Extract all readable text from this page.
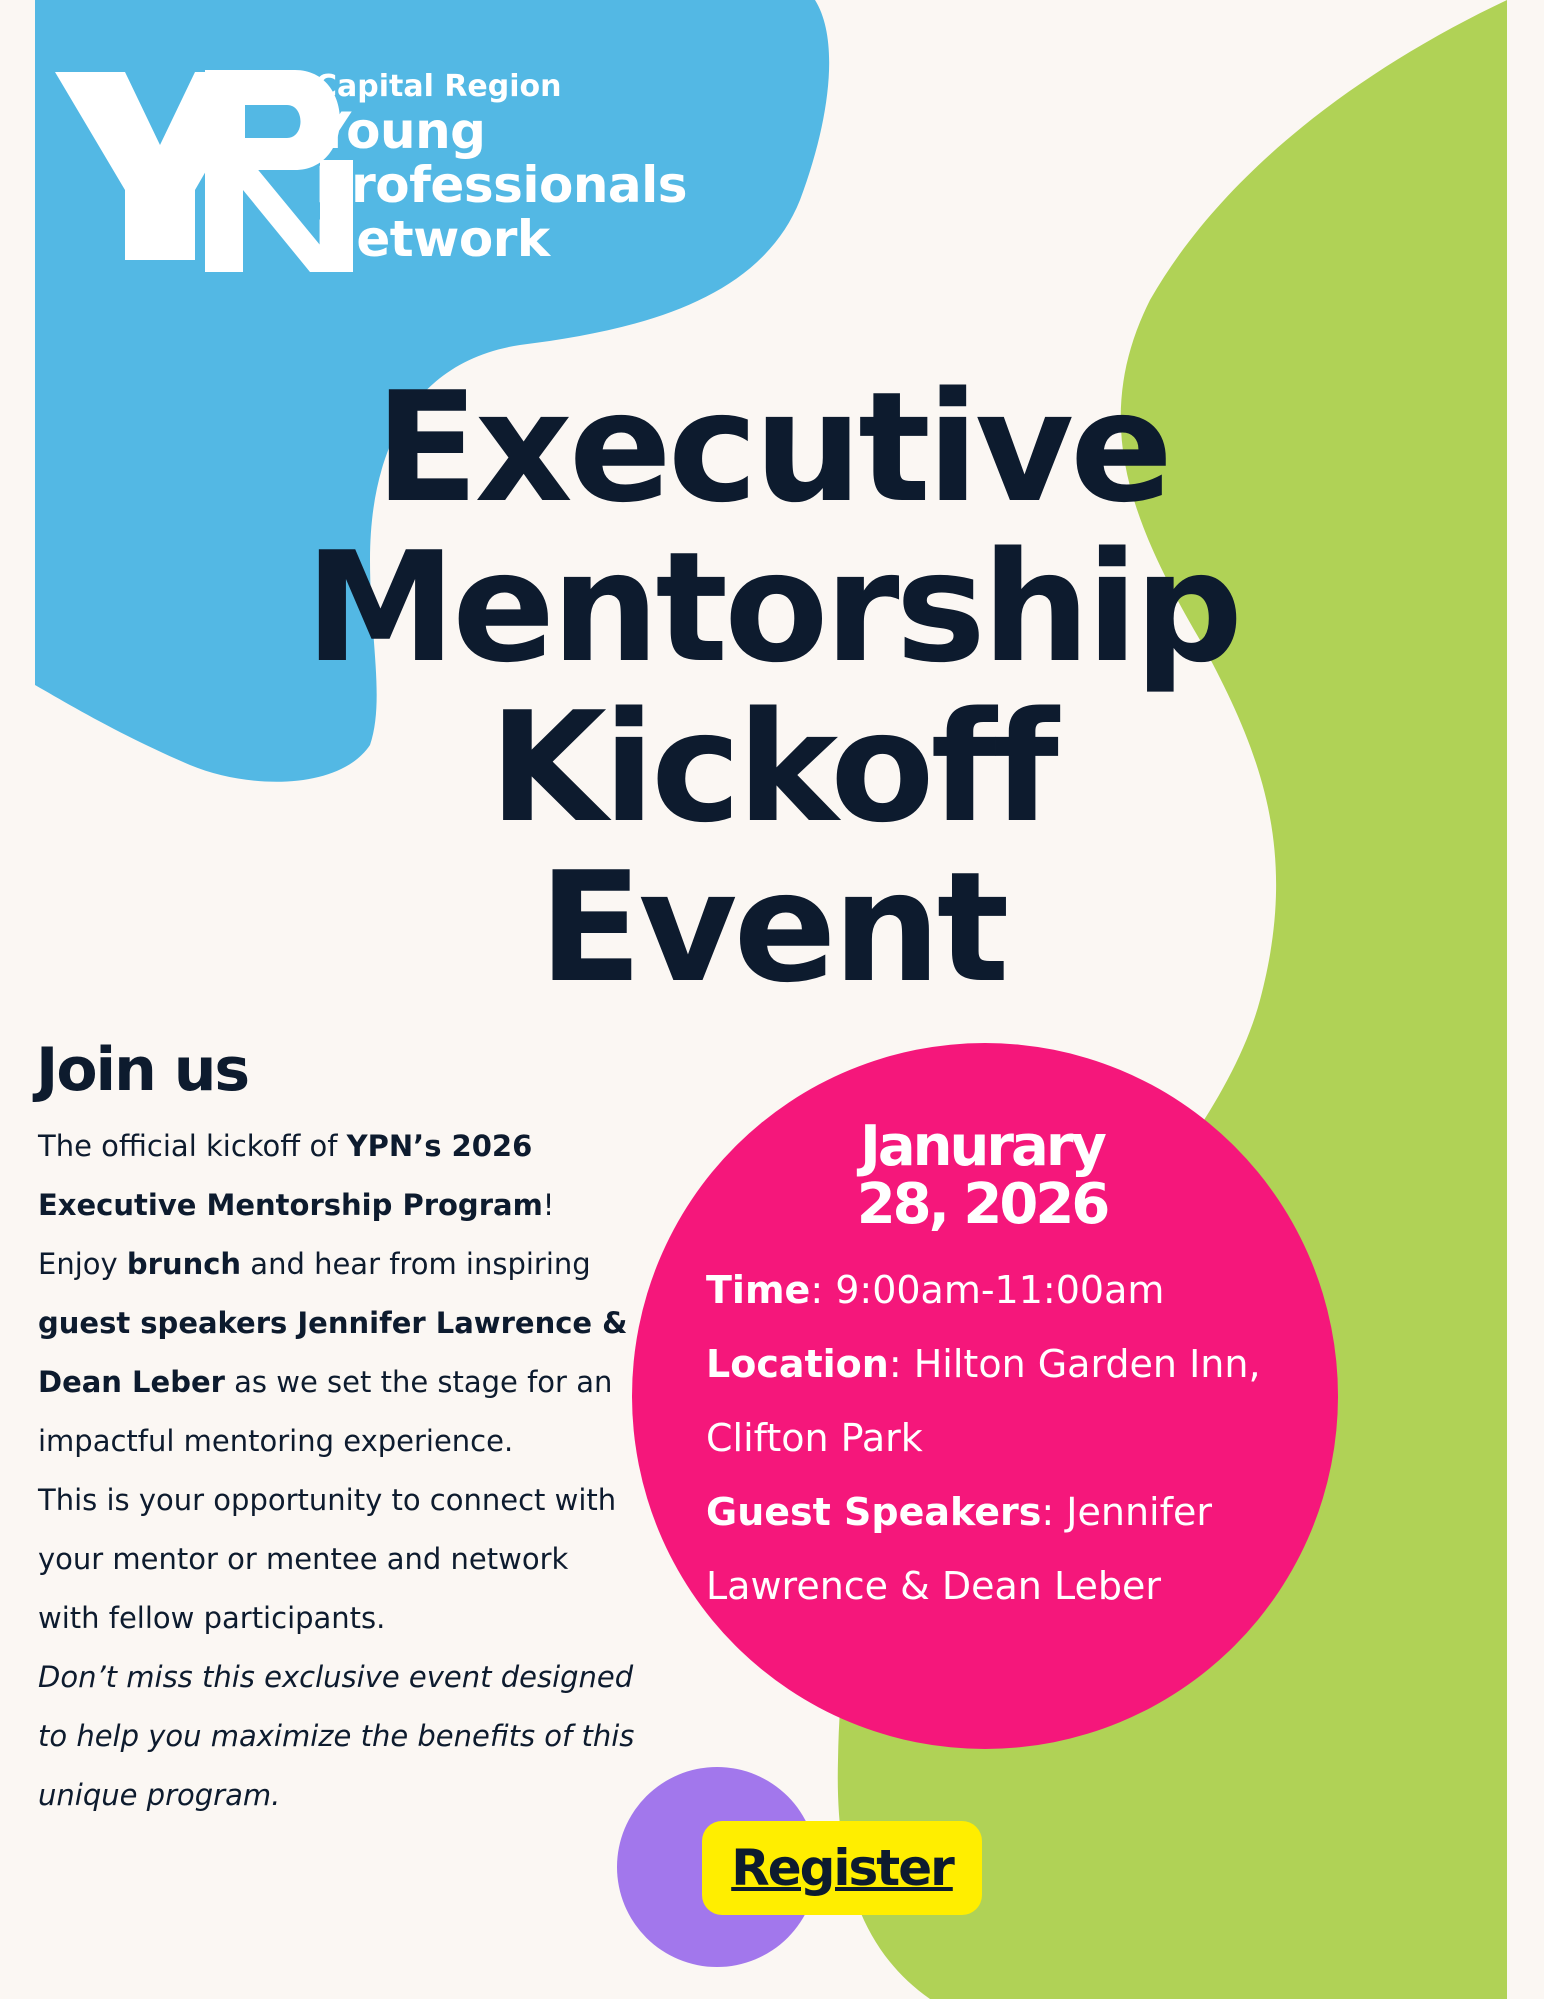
Capital Region
Young
Professionals
Network
Executive
Mentorship
Kickoff
Event
Join us

The official kickoff of YPN’s 2026 Executive Mentorship Program! Enjoy brunch and hear from inspiring guest speakers Jennifer Lawrence & Dean Leber as we set the stage for an impactful mentoring experience.

This is your opportunity to connect with your mentor or mentee and network with fellow participants.

Don’t miss this exclusive event designed to help you maximize the benefits of this unique program.

Janurary
28, 2026

Time: 9:00am-11:00am

Location: Hilton Garden Inn, Clifton Park

Guest Speakers: Jennifer Lawrence & Dean Leber

Register
